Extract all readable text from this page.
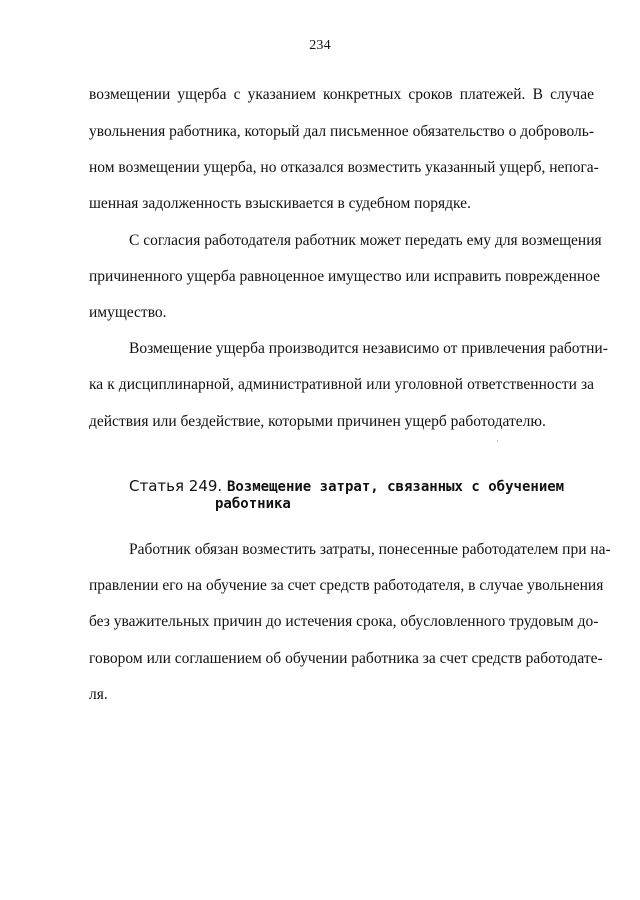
234
возмещении ущерба с указанием конкретных сроков платежей. В случае
увольнения работника, который дал письменное обязательство о доброволь-
ном возмещении ущерба, но отказался возместить указанный ущерб, непога-
шенная задолженность взыскивается в судебном порядке.
С согласия работодателя работник может передать ему для возмещения
причиненного ущерба равноценное имущество или исправить поврежденное
имущество.
Возмещение ущерба производится независимо от привлечения работни-
ка к дисциплинарной, административной или уголовной ответственности за
действия или бездействие, которыми причинен ущерб работодателю.
Статья 249. Возмещение затрат, связанных с обучением
работника
Работник обязан возместить затраты, понесенные работодателем при на-
правлении его на обучение за счет средств работодателя, в случае увольнения
без уважительных причин до истечения срока, обусловленного трудовым до-
говором или соглашением об обучении работника за счет средств работодате-
ля.
